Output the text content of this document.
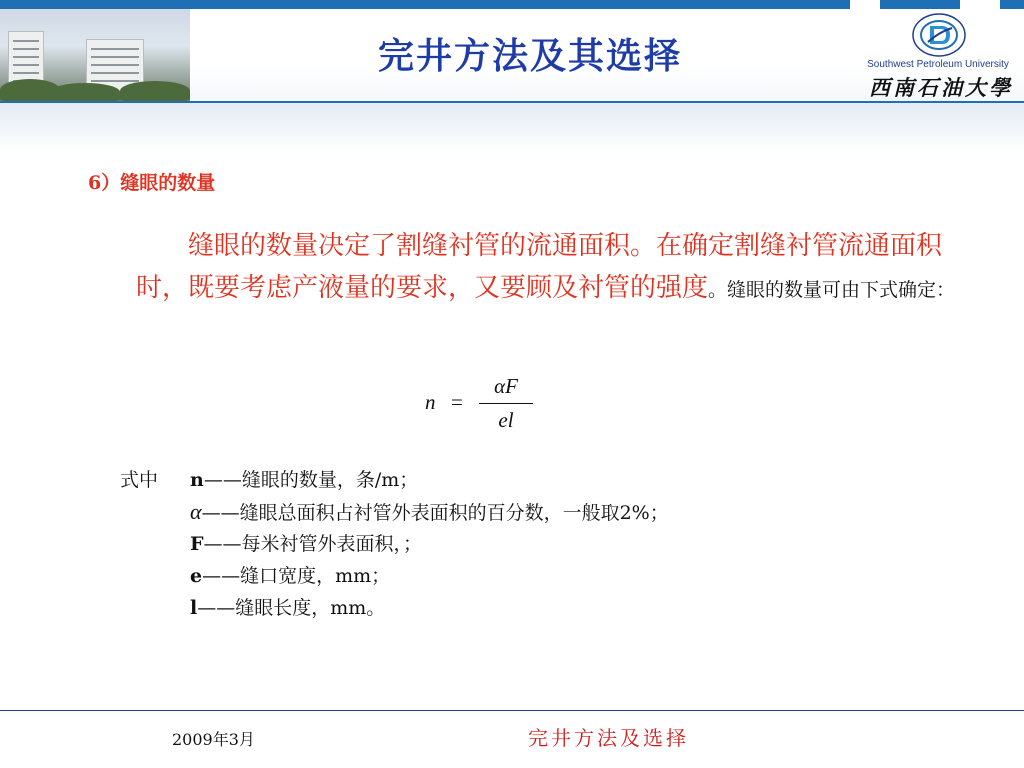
完井方法及其选择	Southwest Petroleum University
西南石油大學
6）缝眼的数量
缝眼的数量决定了割缝衬管的流通面积。在确定割缝衬管流通面积时，既要考虑产液量的要求，又要顾及衬管的强度。缝眼的数量可由下式确定：
n =
αF
el
式中 n——缝眼的数量，条/m；
α——缝眼总面积占衬管外表面积的百分数，一般取2%；
F——每米衬管外表面积，；
e——缝口宽度，mm；
l——缝眼长度，mm。
2009年3月	完井方法及选择
